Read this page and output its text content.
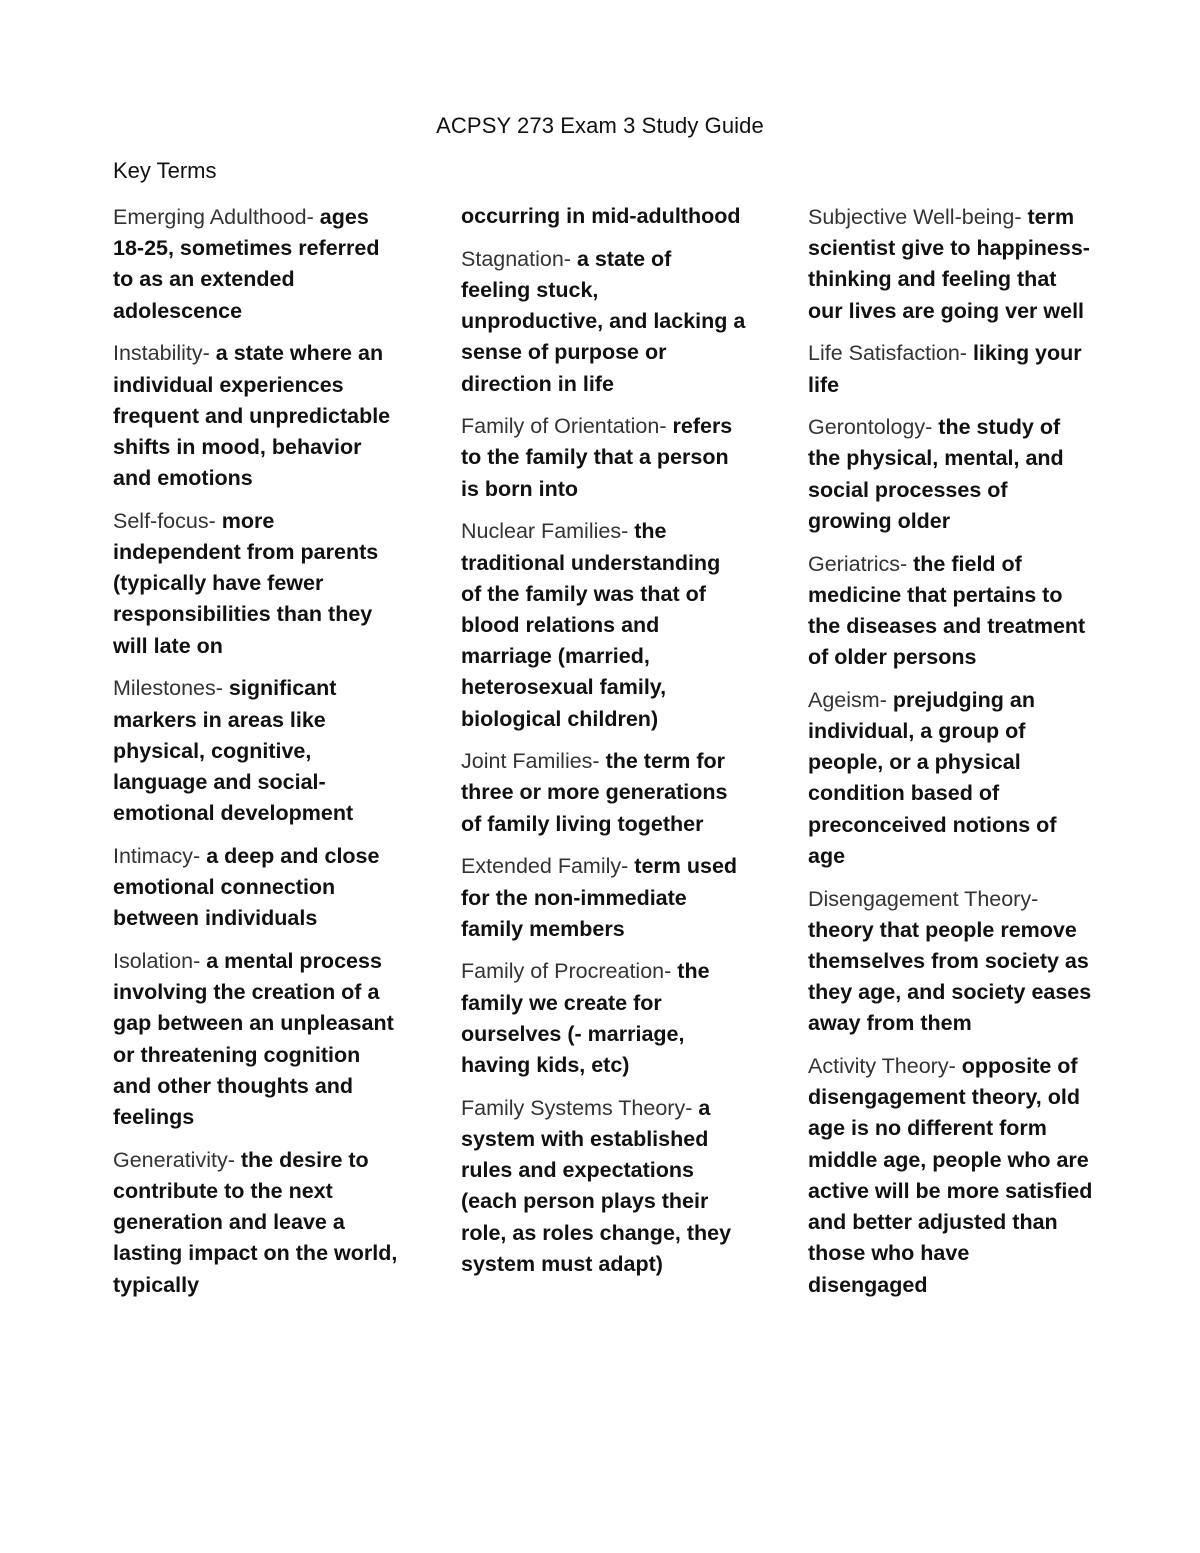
ACPSY 273 Exam 3 Study Guide
Key Terms
Emerging Adulthood- ages 18-25, sometimes referred to as an extended adolescence
Instability- a state where an individual experiences frequent and unpredictable shifts in mood, behavior and emotions
Self-focus- more independent from parents (typically have fewer responsibilities than they will late on
Milestones- significant markers in areas like physical, cognitive, language and social-emotional development
Intimacy- a deep and close emotional connection between individuals
Isolation- a mental process involving the creation of a gap between an unpleasant or threatening cognition and other thoughts and feelings
Generativity- the desire to contribute to the next generation and leave a lasting impact on the world, typically
occurring in mid-adulthood
Stagnation- a state of feeling stuck, unproductive, and lacking a sense of purpose or direction in life
Family of Orientation- refers to the family that a person is born into
Nuclear Families- the traditional understanding of the family was that of blood relations and marriage (married, heterosexual family, biological children)
Joint Families- the term for three or more generations of family living together
Extended Family- term used for the non-immediate family members
Family of Procreation- the family we create for ourselves (- marriage, having kids, etc)
Family Systems Theory- a system with established rules and expectations (each person plays their role, as roles change, they system must adapt)
Subjective Well-being- term scientist give to happiness- thinking and feeling that our lives are going ver well
Life Satisfaction- liking your life
Gerontology- the study of the physical, mental, and social processes of growing older
Geriatrics- the field of medicine that pertains to the diseases and treatment of older persons
Ageism- prejudging an individual, a group of people, or a physical condition based of preconceived notions of age
Disengagement Theory- theory that people remove themselves from society as they age, and society eases away from them
Activity Theory- opposite of disengagement theory, old age is no different form middle age, people who are active will be more satisfied and better adjusted than those who have disengaged
